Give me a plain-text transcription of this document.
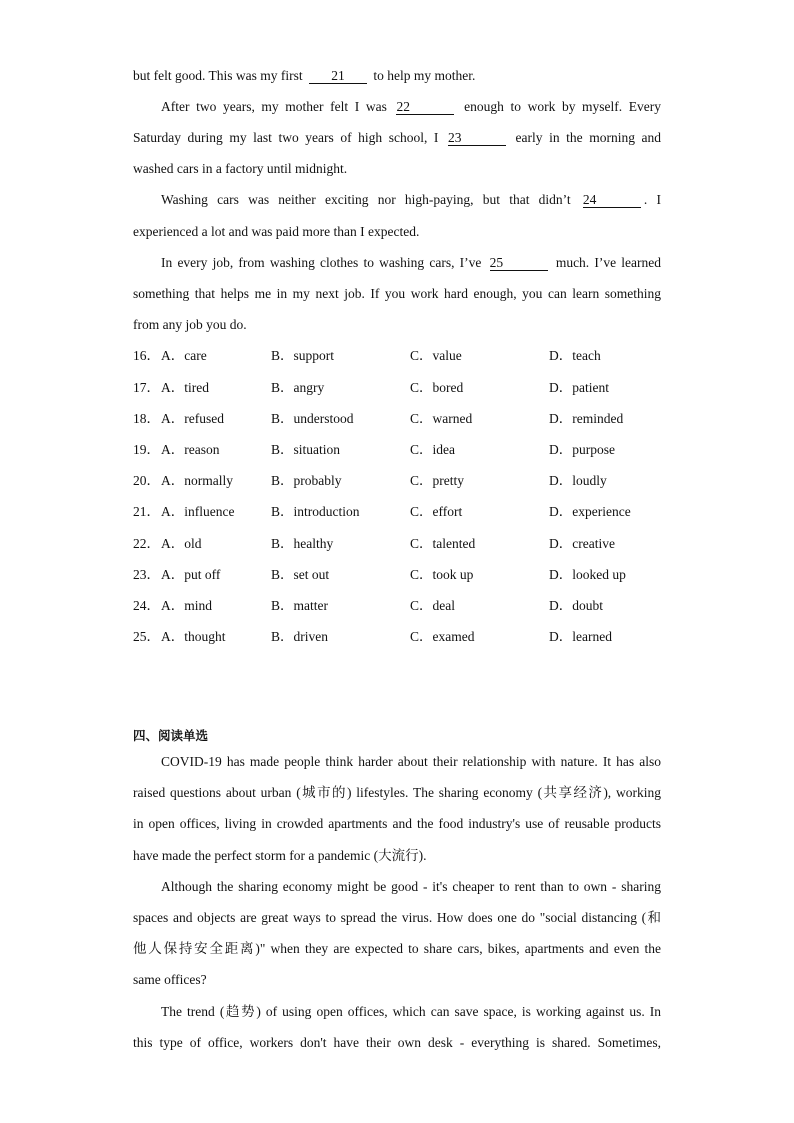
but felt good. This was my first 21 to help my mother.
After two years, my mother felt I was 22	enough to work by myself. Every
Saturday during my last two years of high school, I 23	early in the morning and
washed cars in a factory until midnight.
Washing cars was neither exciting nor high-paying, but that didn’t 24	. I
experienced a lot and was paid more than I expected.
In every job, from washing clothes to washing cars, I’ve 25	much. I’ve learned
something that helps me in my next job. If you work hard enough, you can learn something
from any job you do.
16． A．care	B．support	C．value	D．teach
17． A．tired	B．angry	C．bored	D．patient
18． A．refused	B．understood	C．warned	D．reminded
19． A．reason	B．situation	C．idea	D．purpose
20． A．normally	B．probably	C．pretty	D．loudly
21． A．influence	B．introduction	C．effort	D．experience
22． A．old	B．healthy	C．talented	D．creative
23． A．put off	B．set out	C．took up	D．looked up
24． A．mind	B．matter	C．deal	D．doubt
25． A．thought	B．driven	C．examed	D．learned
四、阅读单选
COVID-19 has made people think harder about their relationship with nature. It has also
raised questions about urban (城市的) lifestyles. The sharing economy (共享经济), working
in open offices, living in crowded apartments and the food industry's use of reusable products
have made the perfect storm for a pandemic (大流行).
Although the sharing economy might be good - it's cheaper to rent than to own - sharing
spaces and objects are great ways to spread the virus. How does one do "social distancing (和
他人保持安全距离)" when they are expected to share cars, bikes, apartments and even the
same offices?
The trend (趋势) of using open offices, which can save space, is working against us. In
this type of office, workers don't have their own desk - everything is shared. Sometimes,
